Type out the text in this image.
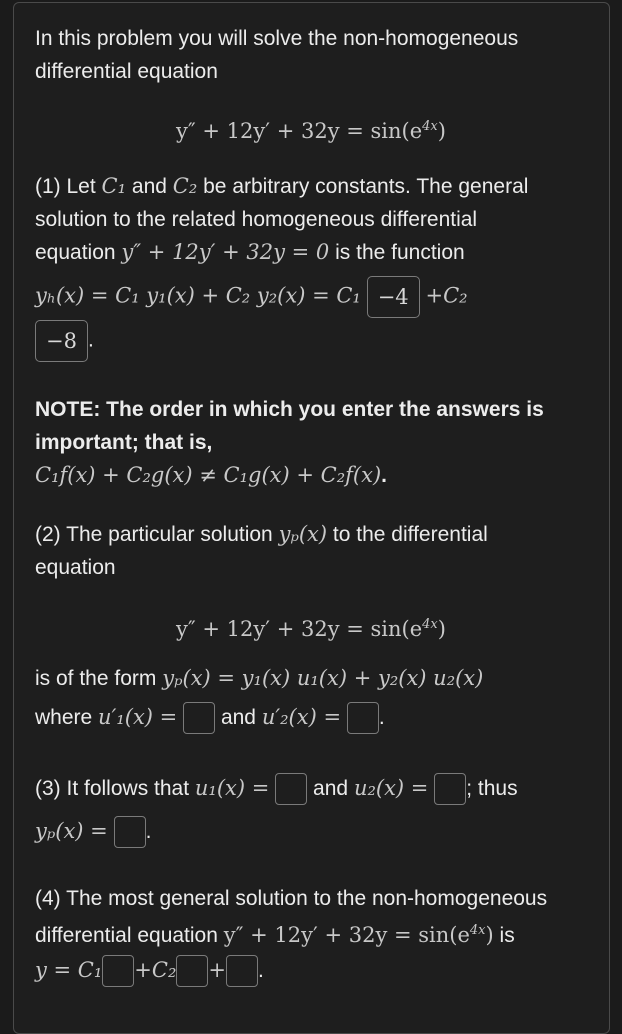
In this problem you will solve the non-homogeneous
differential equation
$y'' + 12y' + 32y = \sin(e^{4x})$
(1) Let C₁ and C₂ be arbitrary constants. The general
solution to the related homogeneous differential
equation y″ + 12y′ + 32y = 0 is the function
yₕ(x) = C₁ y₁(x) + C₂ y₂(x) = C₁ −4 +C₂
−8 .
NOTE: The order in which you enter the answers is
important; that is,
C₁f(x) + C₂g(x) ≠ C₁g(x) + C₂f(x).
(2) The particular solution yₚ(x) to the differential
equation
$y'' + 12y' + 32y = \sin(e^{4x})$
is of the form yₚ(x) = y₁(x) u₁(x) + y₂(x) u₂(x)
where u′₁(x) = and u′₂(x) = .
(3) It follows that u₁(x) = and u₂(x) = ; thus
yₚ(x) = .
(4) The most general solution to the non-homogeneous
differential equation $y'' + 12y' + 32y = \sin(e^{4x})$ is
y = C₁ +C₂ + .
